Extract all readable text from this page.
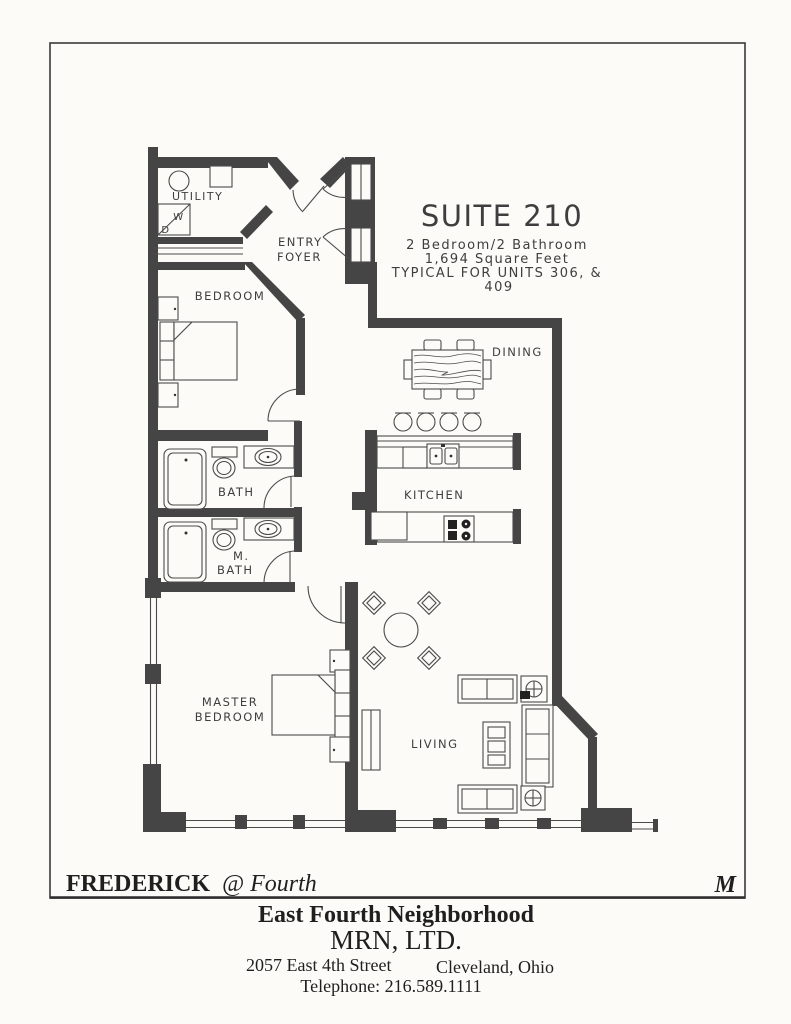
W
D
UTILITY
ENTRY
FOYER
BEDROOM
BATH
M.
BATH
DINING
KITCHEN
MASTER
BEDROOM
LIVING
SUITE 210
2 Bedroom/2 Bathroom
1,694 Square Feet
TYPICAL FOR UNITS 306, &
409
FREDERICK @ Fourth	M
East Fourth Neighborhood
MRN, LTD.
2057 East 4th Street Cleveland, Ohio
Telephone: 216.589.1111
